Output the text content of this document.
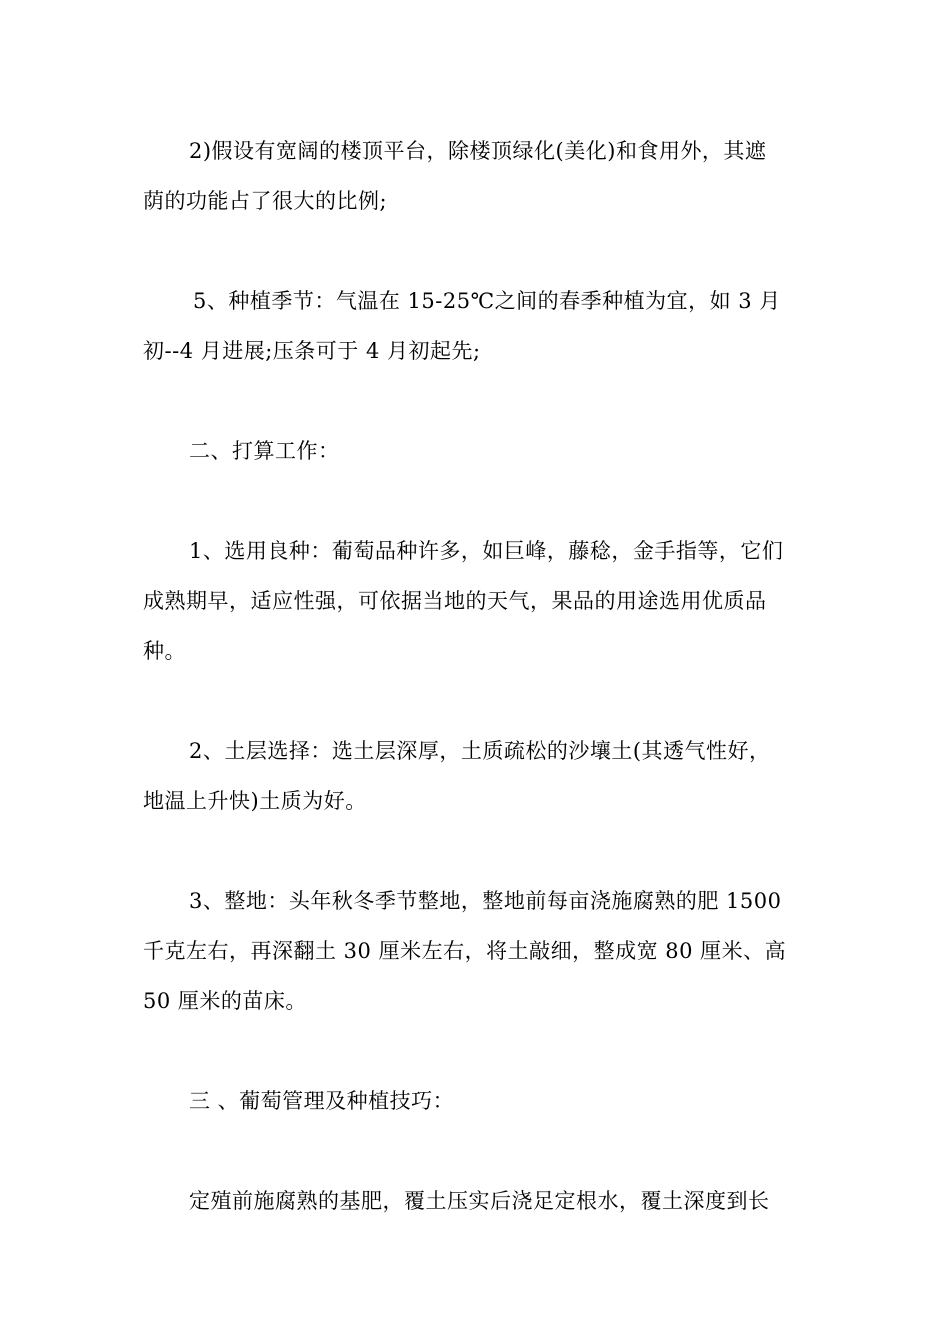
2)假设有宽阔的楼顶平台，除楼顶绿化(美化)和食用外，其遮
荫的功能占了很大的比例;
5、种植季节：气温在 15-25℃之间的春季种植为宜，如 3 月
初--4 月进展;压条可于 4 月初起先;
二、打算工作：
1、选用良种：葡萄品种许多，如巨峰，藤稔，金手指等，它们
成熟期早，适应性强，可依据当地的天气，果品的用途选用优质品
种。
2、土层选择：选土层深厚，土质疏松的沙壤土(其透气性好，
地温上升快)土质为好。
3、整地：头年秋冬季节整地，整地前每亩浇施腐熟的肥 1500
千克左右，再深翻土 30 厘米左右，将土敲细，整成宽 80 厘米、高
50 厘米的苗床。
三 、葡萄管理及种植技巧：
定殖前施腐熟的基肥，覆土压实后浇足定根水，覆土深度到长
